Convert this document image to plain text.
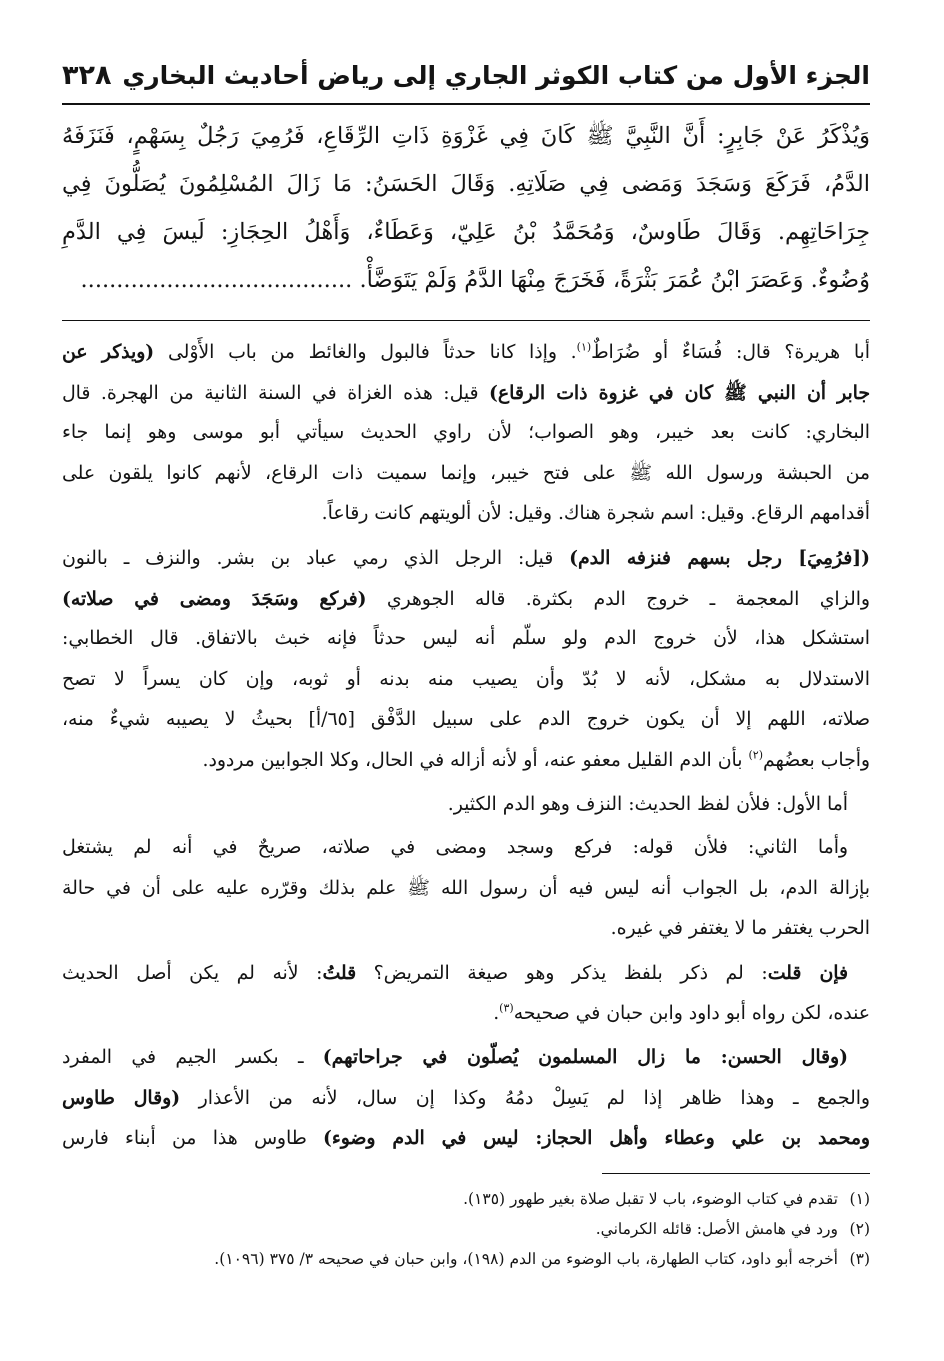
الجزء الأول من كتاب الكوثر الجاري إلى رياض أحاديث البخاري
٣٢٨
وَيُذْكَرُ عَنْ جَابِرٍ: أَنَّ النَّبِيَّ ﷺ كَانَ فِي غَزْوَةِ ذَاتِ الرِّقَاعِ، فَرُمِيَ رَجُلٌ بِسَهْمٍ، فَنَزَفَهُ
الدَّمُ، فَرَكَعَ وَسَجَدَ وَمَضى فِي صَلَاتِهِ. وَقَالَ الحَسَنُ: مَا زَالَ المُسْلِمُونَ يُصَلُّونَ فِي
جِرَاحَاتِهِم. وَقَالَ طَاوسٌ، وَمُحَمَّدُ بْنُ عَلِيّ، وَعَطَاءٌ، وَأَهْلُ الحِجَازِ: لَيسَ فِي الدَّمِ
وُضُوءٌ. وَعَصَرَ ابْنُ عُمَرَ بَثْرَةً، فَخَرَجَ مِنْهَا الدَّمُ وَلَمْ يَتَوَضَّأْ. ......................................
أبا هريرة؟ قال: فُسَاءٌ أو ضُرَاطٌ$^{(١)}$. وإذا كانا حدثاً فالبول والغائط من باب الأَوْلى (ويذكر عن
جابر أن النبي ﷺ كان في غزوة ذات الرقاع) قيل: هذه الغزاة في السنة الثانية من الهجرة. قال
البخاري: كانت بعد خيبر، وهو الصواب؛ لأن راوي الحديث سيأتي أبو موسى وهو إنما جاء
من الحبشة ورسول الله ﷺ على فتح خيبر، وإنما سميت ذات الرقاع، لأنهم كانوا يلقون على
أقدامهم الرقاع. وقيل: اسم شجرة هناك. وقيل: لأن ألويتهم كانت رقاعاً.
([فرُمِيَ] رجل بسهم فنزفه الدم) قيل: الرجل الذي رمي عباد بن بشر. والنزف ـ بالنون
والزاي المعجمة ـ خروج الدم بكثرة. قاله الجوهري (فركع وسَجَدَ ومضى في صلاته)
استشكل هذا، لأن خروج الدم ولو سلّم أنه ليس حدثاً فإنه خبث بالاتفاق. قال الخطابي:
الاستدلال به مشكل، لأنه لا بُدّ وأن يصيب منه بدنه أو ثوبه، وإن كان يسراً لا تصح
صلاته، اللهم إلا أن يكون خروج الدم على سبيل الدَّفْق [٦٥/أ] بحيثُ لا يصيبه شيءٌ منه،
وأجاب بعضُهم$^{(٢)}$ بأن الدم القليل معفو عنه، أو لأنه أزاله في الحال، وكلا الجوابين مردود.
أما الأول: فلأن لفظ الحديث: النزف وهو الدم الكثير.
وأما الثاني: فلأن قوله: فركع وسجد ومضى في صلاته، صريحٌ في أنه لم يشتغل
بإزالة الدم، بل الجواب أنه ليس فيه أن رسول الله ﷺ علم بذلك وقرّره عليه على أن في حالة
الحرب يغتفر ما لا يغتفر في غيره.
فإن قلت: لم ذكر بلفظ يذكر وهو صيغة التمريض؟ قلتُ: لأنه لم يكن أصل الحديث
عنده، لكن رواه أبو داود وابن حبان في صحيحه$^{(٣)}$.
(وقال الحسن: ما زال المسلمون يُصلّون في جراحاتهم) ـ بكسر الجيم في المفرد
والجمع ـ وهذا ظاهر إذا لم يَسِلْ دمُهُ وكذا إن سال، لأنه من الأعذار (وقال طاوس
ومحمد بن علي وعطاء وأهل الحجاز: ليس في الدم وضوء) طاوس هذا من أبناء فارس
(١)
تقدم في كتاب الوضوء، باب لا تقبل صلاة بغير طهور (١٣٥).
(٢)
ورد في هامش الأصل: قائله الكرماني.
(٣)
أخرجه أبو داود، كتاب الطهارة، باب الوضوء من الدم (١٩٨)، وابن حبان في صحيحه ٣/ ٣٧٥ (١٠٩٦).
